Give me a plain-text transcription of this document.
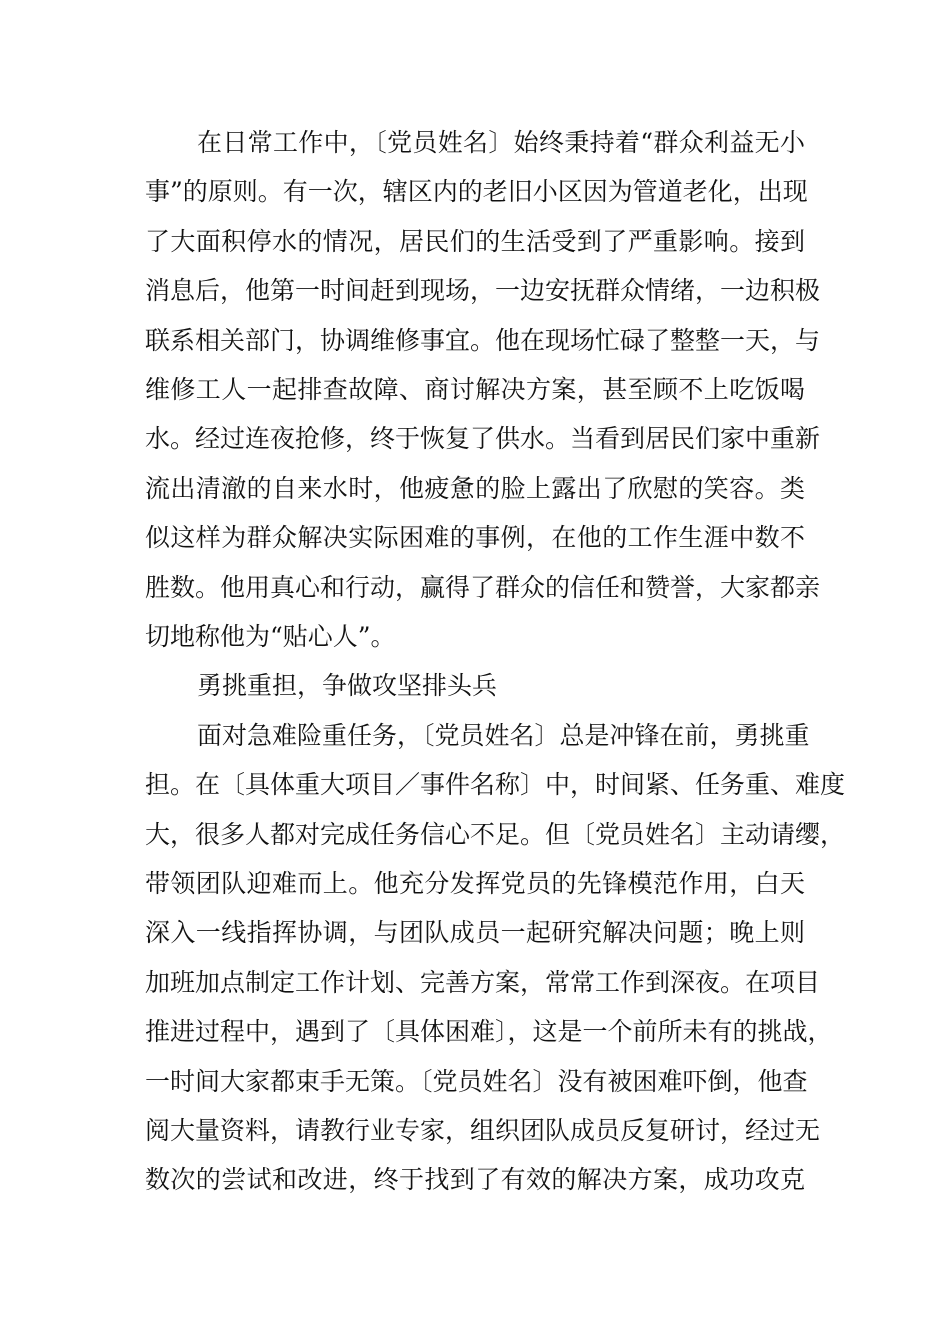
在日常工作中，〔党员姓名〕始终秉持着“群众利益无小
事”的原则。有一次，辖区内的老旧小区因为管道老化，出现
了大面积停水的情况，居民们的生活受到了严重影响。接到
消息后，他第一时间赶到现场，一边安抚群众情绪，一边积极
联系相关部门，协调维修事宜。他在现场忙碌了整整一天，与
维修工人一起排查故障、商讨解决方案，甚至顾不上吃饭喝
水。经过连夜抢修，终于恢复了供水。当看到居民们家中重新
流出清澈的自来水时，他疲惫的脸上露出了欣慰的笑容。类
似这样为群众解决实际困难的事例，在他的工作生涯中数不
胜数。他用真心和行动，赢得了群众的信任和赞誉，大家都亲
切地称他为“贴心人”。
勇挑重担，争做攻坚排头兵
面对急难险重任务，〔党员姓名〕总是冲锋在前，勇挑重
担。在〔具体重大项目／事件名称〕中，时间紧、任务重、难度
大，很多人都对完成任务信心不足。但〔党员姓名〕主动请缨，
带领团队迎难而上。他充分发挥党员的先锋模范作用，白天
深入一线指挥协调，与团队成员一起研究解决问题；晚上则
加班加点制定工作计划、完善方案，常常工作到深夜。在项目
推进过程中，遇到了〔具体困难〕，这是一个前所未有的挑战，
一时间大家都束手无策。〔党员姓名〕没有被困难吓倒，他查
阅大量资料，请教行业专家，组织团队成员反复研讨，经过无
数次的尝试和改进，终于找到了有效的解决方案，成功攻克
